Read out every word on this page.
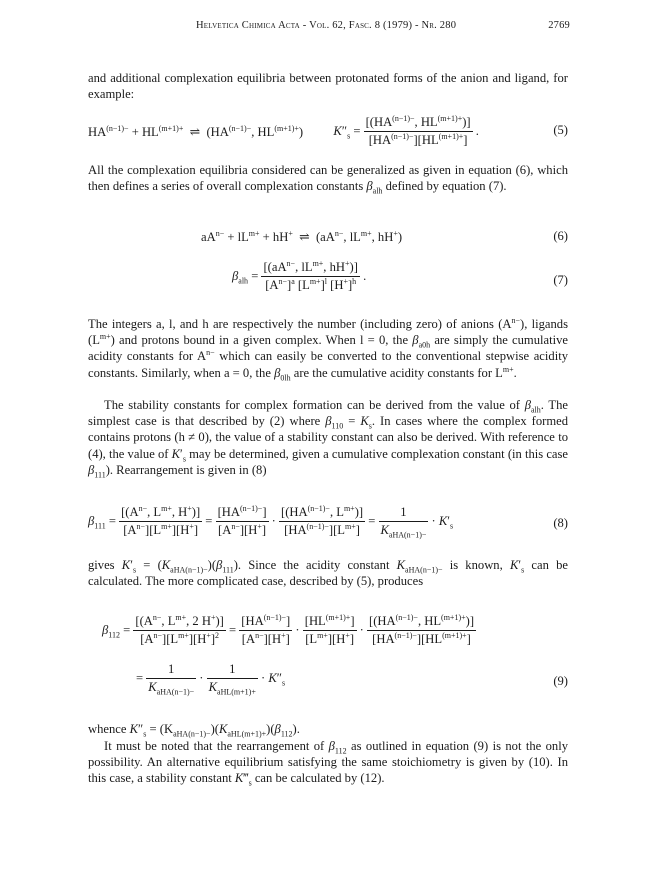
Helvetica Chimica Acta - Vol. 62, Fasc. 8 (1979) - Nr. 280	2769
and additional complexation equilibria between protonated forms of the anion and ligand, for example:
$HA^{(n-1)-} + HL^{(m+1)+}$  ⇌  ($HA^{(n-1)-}$, $HL^{(m+1)+}$) $K''_s = \frac{[(HA^{(n-1)-}, HL^{(m+1)+})]}{[HA^{(n-1)-}][HL^{(m+1)+}]}$ .	(5)
All the complexation equilibria considered can be generalized as given in equation (6), which then defines a series of overall complexation constants $\beta_{alh}$ defined by equation (7).
$aA^{n-} + lL^{m+} + hH^+$  ⇌  ($aA^{n-}$, $lL^{m+}$, hH+)	(6)
$\beta_{alh} = \frac{[(aA^{n-}, lL^{m+}, hH^+)]}{[A^{n-}]^a [L^{m+}]^l [H^+]^h}$ .	(7)
The integers a, l, and h are respectively the number (including zero) of anions $(A^{n-})$, ligands $(L^{m+})$ and protons bound in a given complex. When l = 0, the $\beta_{a0h}$ are simply the cumulative acidity constants for $A^{n-}$ which can easily be converted to the conventional stepwise acidity constants. Similarly, when a = 0, the $\beta_{0lh}$ are the cumulative acidity constants for $L^{m+}$.
The stability constants for complex formation can be derived from the value of $\beta_{alh}$. The simplest case is that described by (2) where $\beta_{110} = K_s$. In cases where the complex formed contains protons (h ≠ 0), the value of a stability constant can also be derived. With reference to (4), the value of $K'_s$ may be determined, given a cumulative complexation constant (in this case $\beta_{111}$). Rearrangement is given in (8)
$\beta_{111} = \frac{[(A^{n-}, L^{m+}, H^+)]}{[A^{n-}][L^{m+}][H^+]} = \frac{[HA^{(n-1)-}]}{[A^{n-}][H^+]} \cdot \frac{[(HA^{(n-1)-}, L^{m+})]}{[HA^{(n-1)-}][L^{m+}]} = \frac{1}{K_{aHA(n-1)-}} \cdot K'_s$	(8)
gives $K'_s = (K_{aHA(n-1)-})(\beta_{111})$. Since the acidity constant $K_{aHA(n-1)-}$ is known, $K'_s$ can be calculated. The more complicated case, described by (5), produces
$\beta_{112} = \frac{[(A^{n-}, L^{m+}, 2 H^+)]}{[A^{n-}][L^{m+}][H^+]^2} = \frac{[HA^{(n-1)-}]}{[A^{n-}][H^+]} \cdot \frac{[HL^{(m+1)+}]}{[L^{m+}][H^+]} \cdot \frac{[(HA^{(n-1)-}, HL^{(m+1)+})]}{[HA^{(n-1)-}][HL^{(m+1)+}]}$
= $\frac{1}{K_{aHA(n-1)-}} \cdot \frac{1}{K_{aHL(m+1)+}} \cdot K''_s$	(9)
whence $K''_s = (K_{aHA(n-1)-})(K_{aHL(m+1)+})(\beta_{112})$.
It must be noted that the rearrangement of $\beta_{112}$ as outlined in equation (9) is not the only possibility. An alternative equilibrium satisfying the same stoichiometry is given by (10). In this case, a stability constant $K‴_s$ can be calculated by (12).
